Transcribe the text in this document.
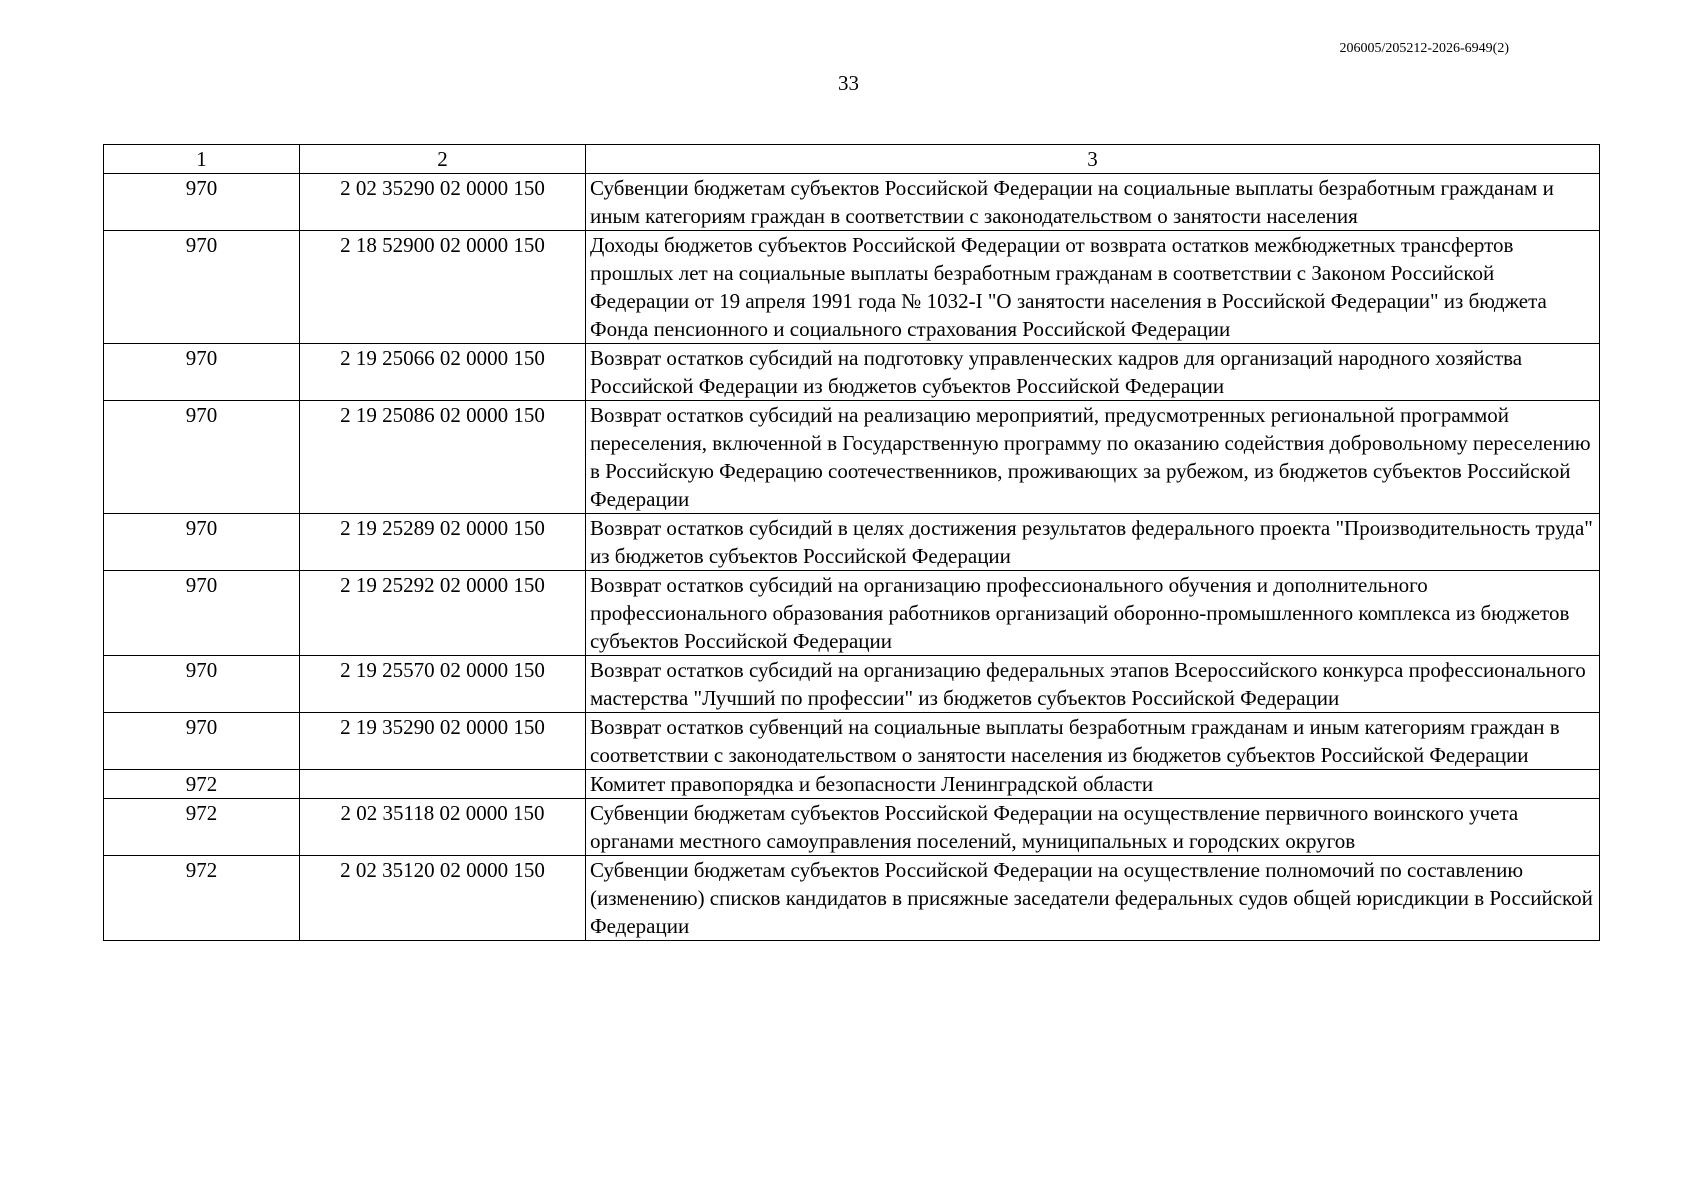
206005/205212-2026-6949(2)
33
1	2	3
970	2 02 35290 02 0000 150	Субвенции бюджетам субъектов Российской Федерации на социальные выплаты безработным гражданам и иным категориям граждан в соответствии с законодательством о занятости населения
970	2 18 52900 02 0000 150	Доходы бюджетов субъектов Российской Федерации от возврата остатков межбюджетных трансфертов прошлых лет на социальные выплаты безработным гражданам в соответствии с Законом Российской Федерации от 19 апреля 1991 года № 1032-I "О занятости населения в Российской Федерации" из бюджета Фонда пенсионного и социального страхования Российской Федерации
970	2 19 25066 02 0000 150	Возврат остатков субсидий на подготовку управленческих кадров для организаций народного хозяйства Российской Федерации из бюджетов субъектов Российской Федерации
970	2 19 25086 02 0000 150	Возврат остатков субсидий на реализацию мероприятий, предусмотренных региональной программой переселения, включенной в Государственную программу по оказанию содействия добровольному переселению в Российскую Федерацию соотечественников, проживающих за рубежом, из бюджетов субъектов Российской Федерации
970	2 19 25289 02 0000 150	Возврат остатков субсидий в целях достижения результатов федерального проекта "Производительность труда" из бюджетов субъектов Российской Федерации
970	2 19 25292 02 0000 150	Возврат остатков субсидий на организацию профессионального обучения и дополнительного профессионального образования работников организаций оборонно-промышленного комплекса из бюджетов субъектов Российской Федерации
970	2 19 25570 02 0000 150	Возврат остатков субсидий на организацию федеральных этапов Всероссийского конкурса профессионального мастерства "Лучший по профессии" из бюджетов субъектов Российской Федерации
970	2 19 35290 02 0000 150	Возврат остатков субвенций на социальные выплаты безработным гражданам и иным категориям граждан в соответствии с законодательством о занятости населения из бюджетов субъектов Российской Федерации
972		Комитет правопорядка и безопасности Ленинградской области
972	2 02 35118 02 0000 150	Субвенции бюджетам субъектов Российской Федерации на осуществление первичного воинского учета органами местного самоуправления поселений, муниципальных и городских округов
972	2 02 35120 02 0000 150	Субвенции бюджетам субъектов Российской Федерации на осуществление полномочий по составлению (изменению) списков кандидатов в присяжные заседатели федеральных судов общей юрисдикции в Российской Федерации
